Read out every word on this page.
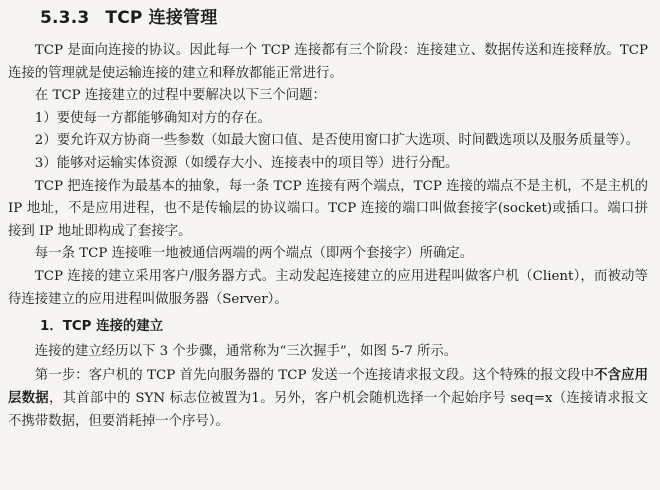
5.3.3 TCP 连接管理

TCP 是面向连接的协议。因此每一个 TCP 连接都有三个阶段：连接建立、数据传送和连接释放。TCP 连接的管理就是使运输连接的建立和释放都能正常进行。

在 TCP 连接建立的过程中要解决以下三个问题：

1）要使每一方都能够确知对方的存在。

2）要允许双方协商一些参数（如最大窗口值、是否使用窗口扩大选项、时间戳选项以及服务质量等）。

3）能够对运输实体资源（如缓存大小、连接表中的项目等）进行分配。

TCP 把连接作为最基本的抽象，每一条 TCP 连接有两个端点，TCP 连接的端点不是主机，不是主机的 IP 地址，不是应用进程，也不是传输层的协议端口。TCP 连接的端口叫做套接字(socket)或插口。端口拼接到 IP 地址即构成了套接字。

每一条 TCP 连接唯一地被通信两端的两个端点（即两个套接字）所确定。

TCP 连接的建立采用客户/服务器方式。主动发起连接建立的应用进程叫做客户机（Client），而被动等待连接建立的应用进程叫做服务器（Server）。

1．TCP 连接的建立

连接的建立经历以下 3 个步骤，通常称为“三次握手”，如图 5-7 所示。

第一步：客户机的 TCP 首先向服务器的 TCP 发送一个连接请求报文段。这个特殊的报文段中不含应用层数据，其首部中的 SYN 标志位被置为1。另外，客户机会随机选择一个起始序号 seq=x（连接请求报文不携带数据，但要消耗掉一个序号）。
